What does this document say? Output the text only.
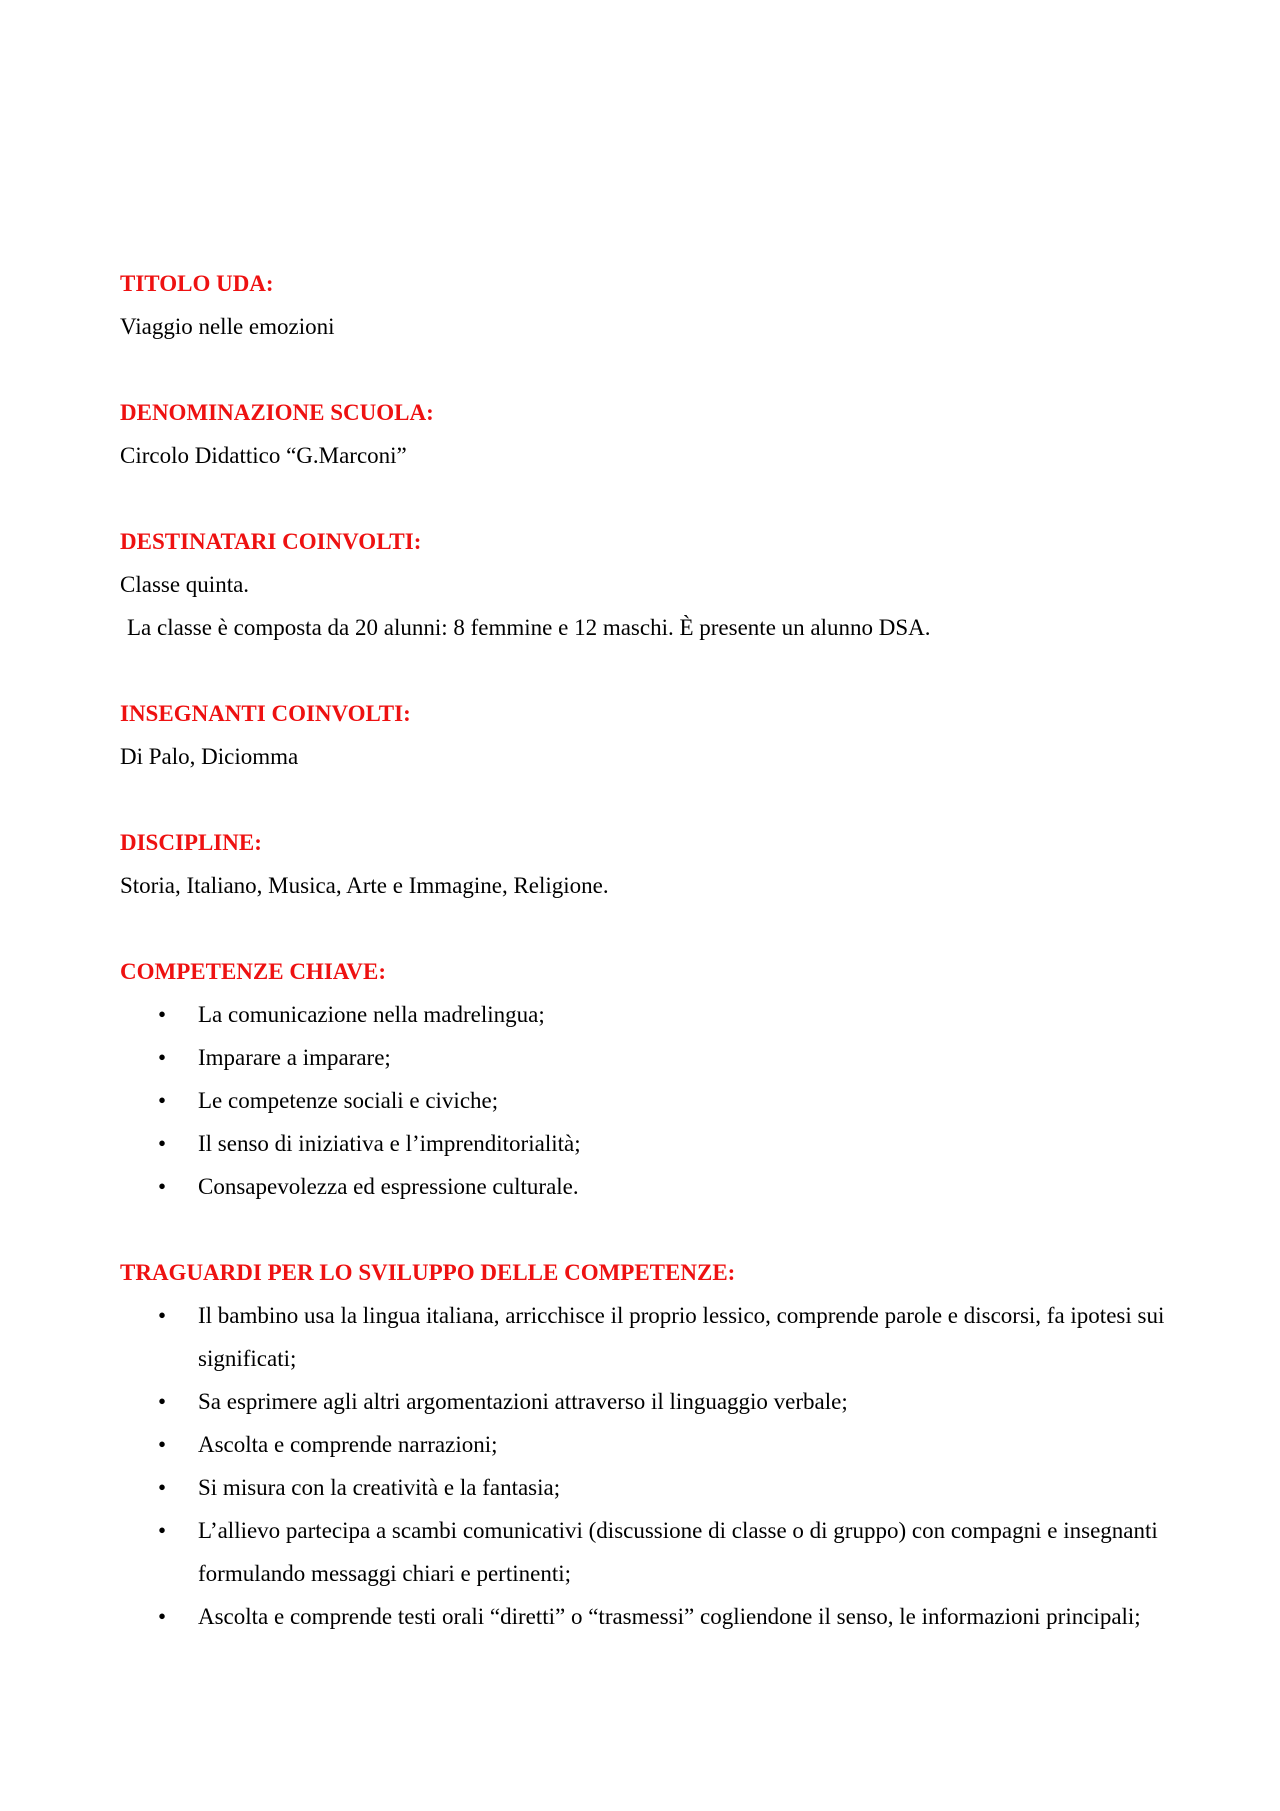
TITOLO UDA:
Viaggio nelle emozioni
DENOMINAZIONE SCUOLA:
Circolo Didattico “G.Marconi”
DESTINATARI COINVOLTI:
Classe quinta.
La classe è composta da 20 alunni: 8 femmine e 12 maschi. È presente un alunno DSA.
INSEGNANTI COINVOLTI:
Di Palo, Diciomma
DISCIPLINE:
Storia, Italiano, Musica, Arte e Immagine, Religione.
COMPETENZE CHIAVE:
• La comunicazione nella madrelingua;
• Imparare a imparare;
• Le competenze sociali e civiche;
• Il senso di iniziativa e l’imprenditorialità;
• Consapevolezza ed espressione culturale.
TRAGUARDI PER LO SVILUPPO DELLE COMPETENZE:
• Il bambino usa la lingua italiana, arricchisce il proprio lessico, comprende parole e discorsi, fa ipotesi sui significati;
• Sa esprimere agli altri argomentazioni attraverso il linguaggio verbale;
• Ascolta e comprende narrazioni;
• Si misura con la creatività e la fantasia;
• L’allievo partecipa a scambi comunicativi (discussione di classe o di gruppo) con compagni e insegnanti formulando messaggi chiari e pertinenti;
• Ascolta e comprende testi orali “diretti” o “trasmessi” cogliendone il senso, le informazioni principali;
